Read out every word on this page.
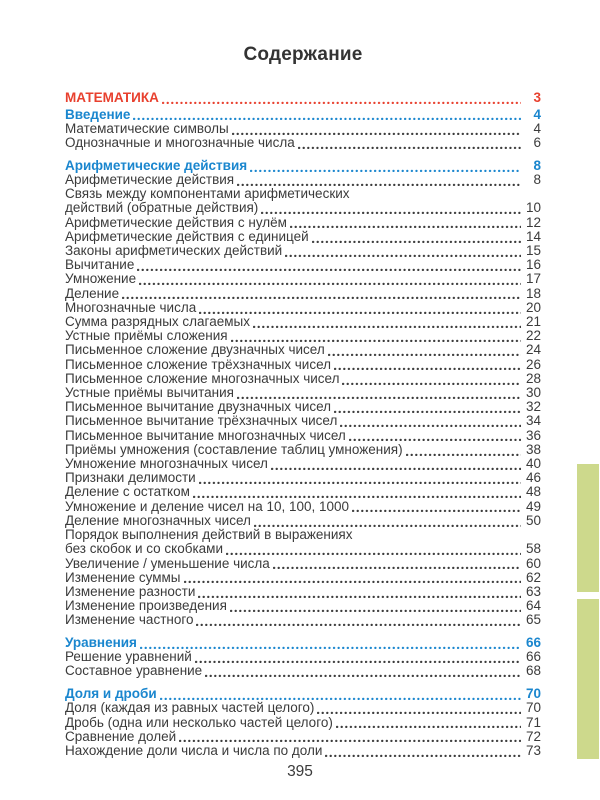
Содержание
МАТЕМАТИКА	3
Введение	4
Математические символы	4
Однозначные и многозначные числа	6
Арифметические действия	8
Арифметические действия	8
Связь между компонентами арифметических
действий (обратные действия)	10
Арифметические действия с нулём	12
Арифметические действия с единицей	14
Законы арифметических действий	15
Вычитание	16
Умножение	17
Деление	18
Многозначные числа	20
Сумма разрядных слагаемых	21
Устные приёмы сложения	22
Письменное сложение двузначных чисел	24
Письменное сложение трёхзначных чисел	26
Письменное сложение многозначных чисел	28
Устные приёмы вычитания	30
Письменное вычитание двузначных чисел	32
Письменное вычитание трёхзначных чисел	34
Письменное вычитание многозначных чисел	36
Приёмы умножения (составление таблиц умножения)	38
Умножение многозначных чисел	40
Признаки делимости	46
Деление с остатком	48
Умножение и деление чисел на 10, 100, 1000	49
Деление многозначных чисел	50
Порядок выполнения действий в выражениях
без скобок и со скобками	58
Увеличение / уменьшение числа	60
Изменение суммы	62
Изменение разности	63
Изменение произведения	64
Изменение частного	65
Уравнения	66
Решение уравнений	66
Составное уравнение	68
Доля и дроби	70
Доля (каждая из равных частей целого)	70
Дробь (одна или несколько частей целого)	71
Сравнение долей	72
Нахождение доли числа и числа по доли	73
395
